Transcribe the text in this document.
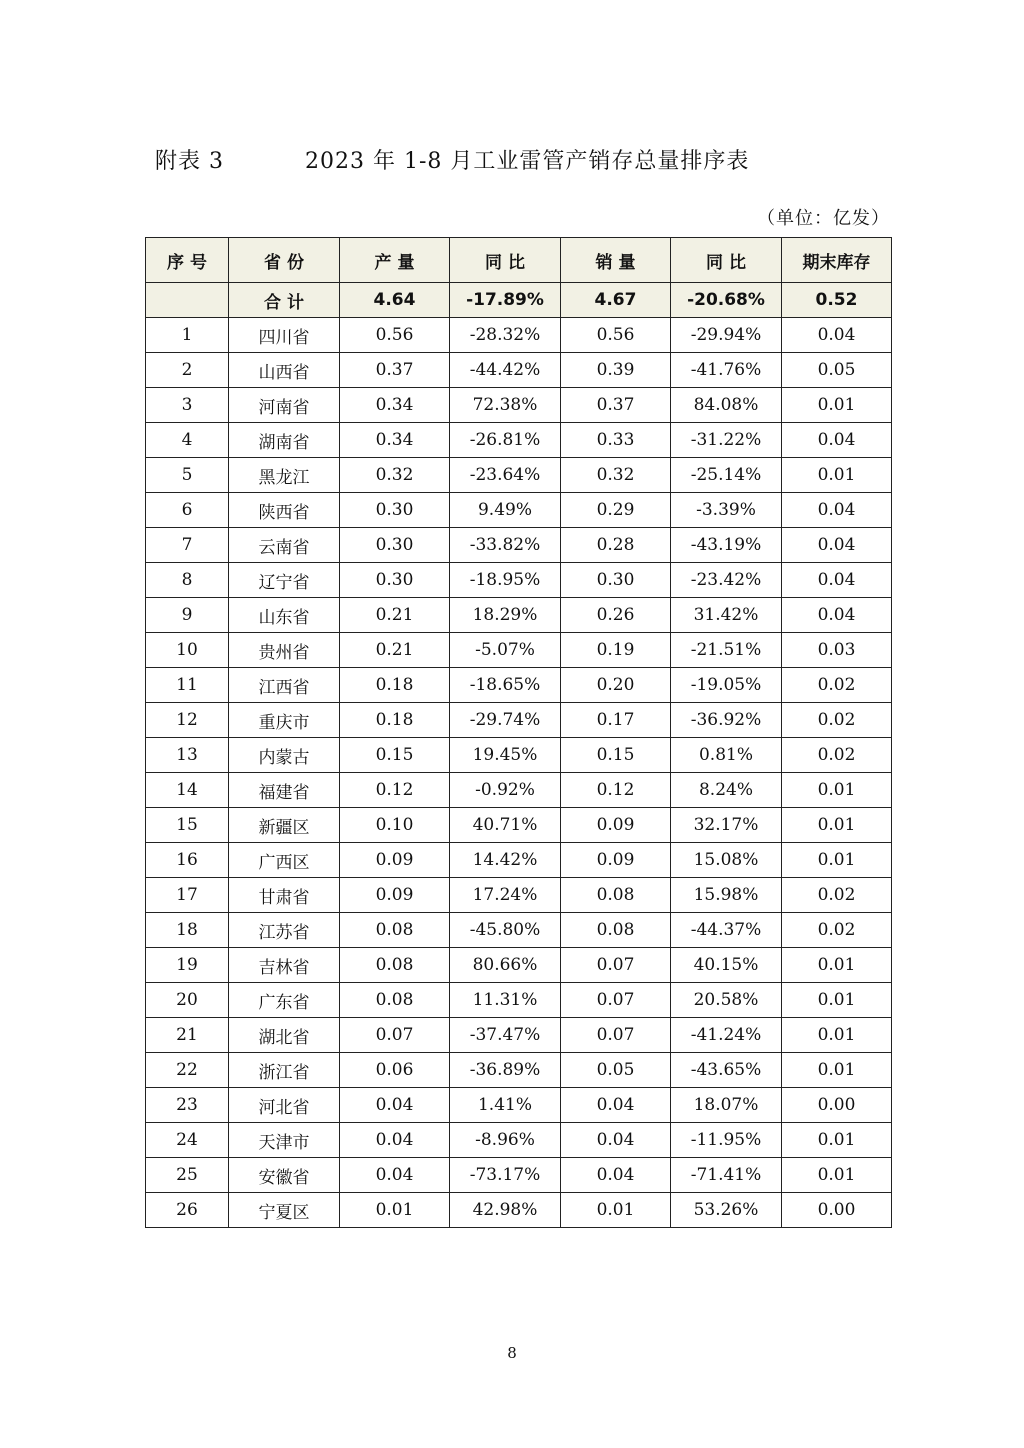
附表 3	2023 年 1-8 月工业雷管产销存总量排序表
（单位：亿发）
序 号	省 份	产 量	同 比	销 量	同 比	期末库存
	合 计	4.64	-17.89%	4.67	-20.68%	0.52
1	四川省	0.56	-28.32%	0.56	-29.94%	0.04
2	山西省	0.37	-44.42%	0.39	-41.76%	0.05
3	河南省	0.34	72.38%	0.37	84.08%	0.01
4	湖南省	0.34	-26.81%	0.33	-31.22%	0.04
5	黑龙江	0.32	-23.64%	0.32	-25.14%	0.01
6	陕西省	0.30	9.49%	0.29	-3.39%	0.04
7	云南省	0.30	-33.82%	0.28	-43.19%	0.04
8	辽宁省	0.30	-18.95%	0.30	-23.42%	0.04
9	山东省	0.21	18.29%	0.26	31.42%	0.04
10	贵州省	0.21	-5.07%	0.19	-21.51%	0.03
11	江西省	0.18	-18.65%	0.20	-19.05%	0.02
12	重庆市	0.18	-29.74%	0.17	-36.92%	0.02
13	内蒙古	0.15	19.45%	0.15	0.81%	0.02
14	福建省	0.12	-0.92%	0.12	8.24%	0.01
15	新疆区	0.10	40.71%	0.09	32.17%	0.01
16	广西区	0.09	14.42%	0.09	15.08%	0.01
17	甘肃省	0.09	17.24%	0.08	15.98%	0.02
18	江苏省	0.08	-45.80%	0.08	-44.37%	0.02
19	吉林省	0.08	80.66%	0.07	40.15%	0.01
20	广东省	0.08	11.31%	0.07	20.58%	0.01
21	湖北省	0.07	-37.47%	0.07	-41.24%	0.01
22	浙江省	0.06	-36.89%	0.05	-43.65%	0.01
23	河北省	0.04	1.41%	0.04	18.07%	0.00
24	天津市	0.04	-8.96%	0.04	-11.95%	0.01
25	安徽省	0.04	-73.17%	0.04	-71.41%	0.01
26	宁夏区	0.01	42.98%	0.01	53.26%	0.00
8
